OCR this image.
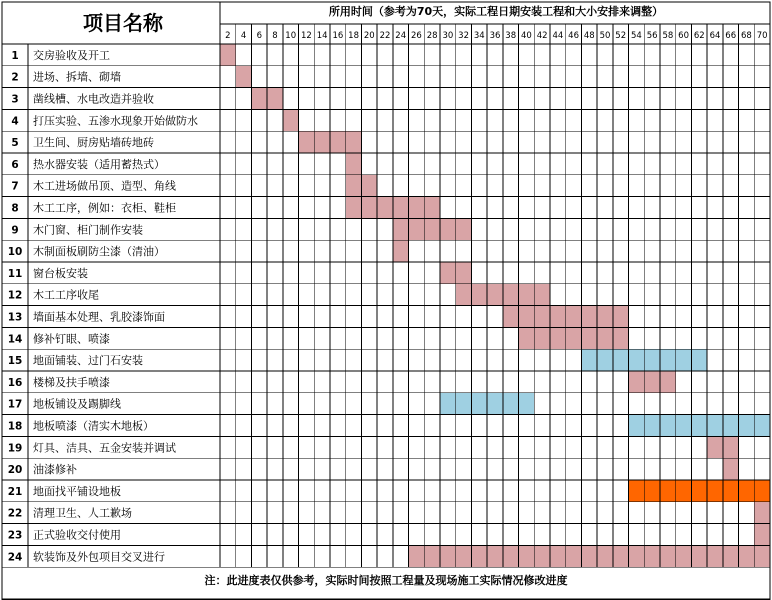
项目名称	所用时间（参考为70天，实际工程日期安装工程和大小安排来调整）
注：此进度表仅供参考，实际时间按照工程量及现场施工实际情况修改进度
2 4 6 8 10 12 14 16 18 20 22 24 26 28 30 32 34 36 38 40 42 44 46 48 50 52 54 56 58 60 62 64 66 68 70
1 交房验收及开工
2 进场、拆墙、砌墙
3 凿线槽、水电改造并验收
4 打压实验、五渗水现象开始做防水
5 卫生间、厨房贴墙砖地砖
6 热水器安装（适用蓄热式）
7 木工进场做吊顶、造型、角线
8 木工工序，例如：衣柜、鞋柜
9 木门窗、柜门制作安装
10 木制面板刷防尘漆（清油）
11 窗台板安装
12 木工工序收尾
13 墙面基本处理、乳胶漆饰面
14 修补钉眼、喷漆
15 地面铺装、过门石安装
16 楼梯及扶手喷漆
17 地板铺设及踢脚线
18 地板喷漆（清实木地板）
19 灯具、洁具、五金安装并调试
20 油漆修补
21 地面找平铺设地板
22 清理卫生、人工歉场
23 正式验收交付使用
24 软装饰及外包项目交叉进行
